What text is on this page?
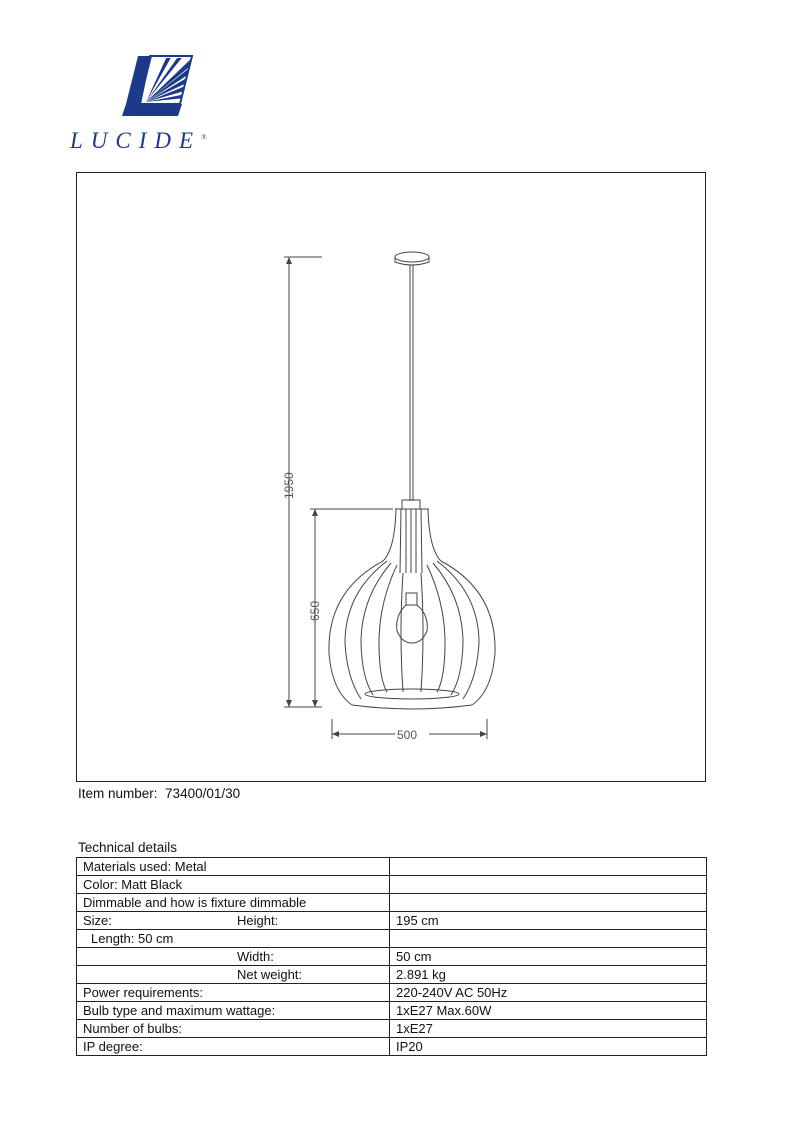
LUCIDE®
1950
650
500
Item number: 73400/01/30
Technical details
Materials used: Metal	
Color: Matt Black	
Dimmable and how is fixture dimmable	

Size: Height:	195 cm
Length: 50 cm	

Width:	50 cm

Net weight:	2.891 kg
Power requirements:	220-240V AC 50Hz
Bulb type and maximum wattage:	1xE27 Max.60W
Number of bulbs:	1xE27
IP degree:	IP20
